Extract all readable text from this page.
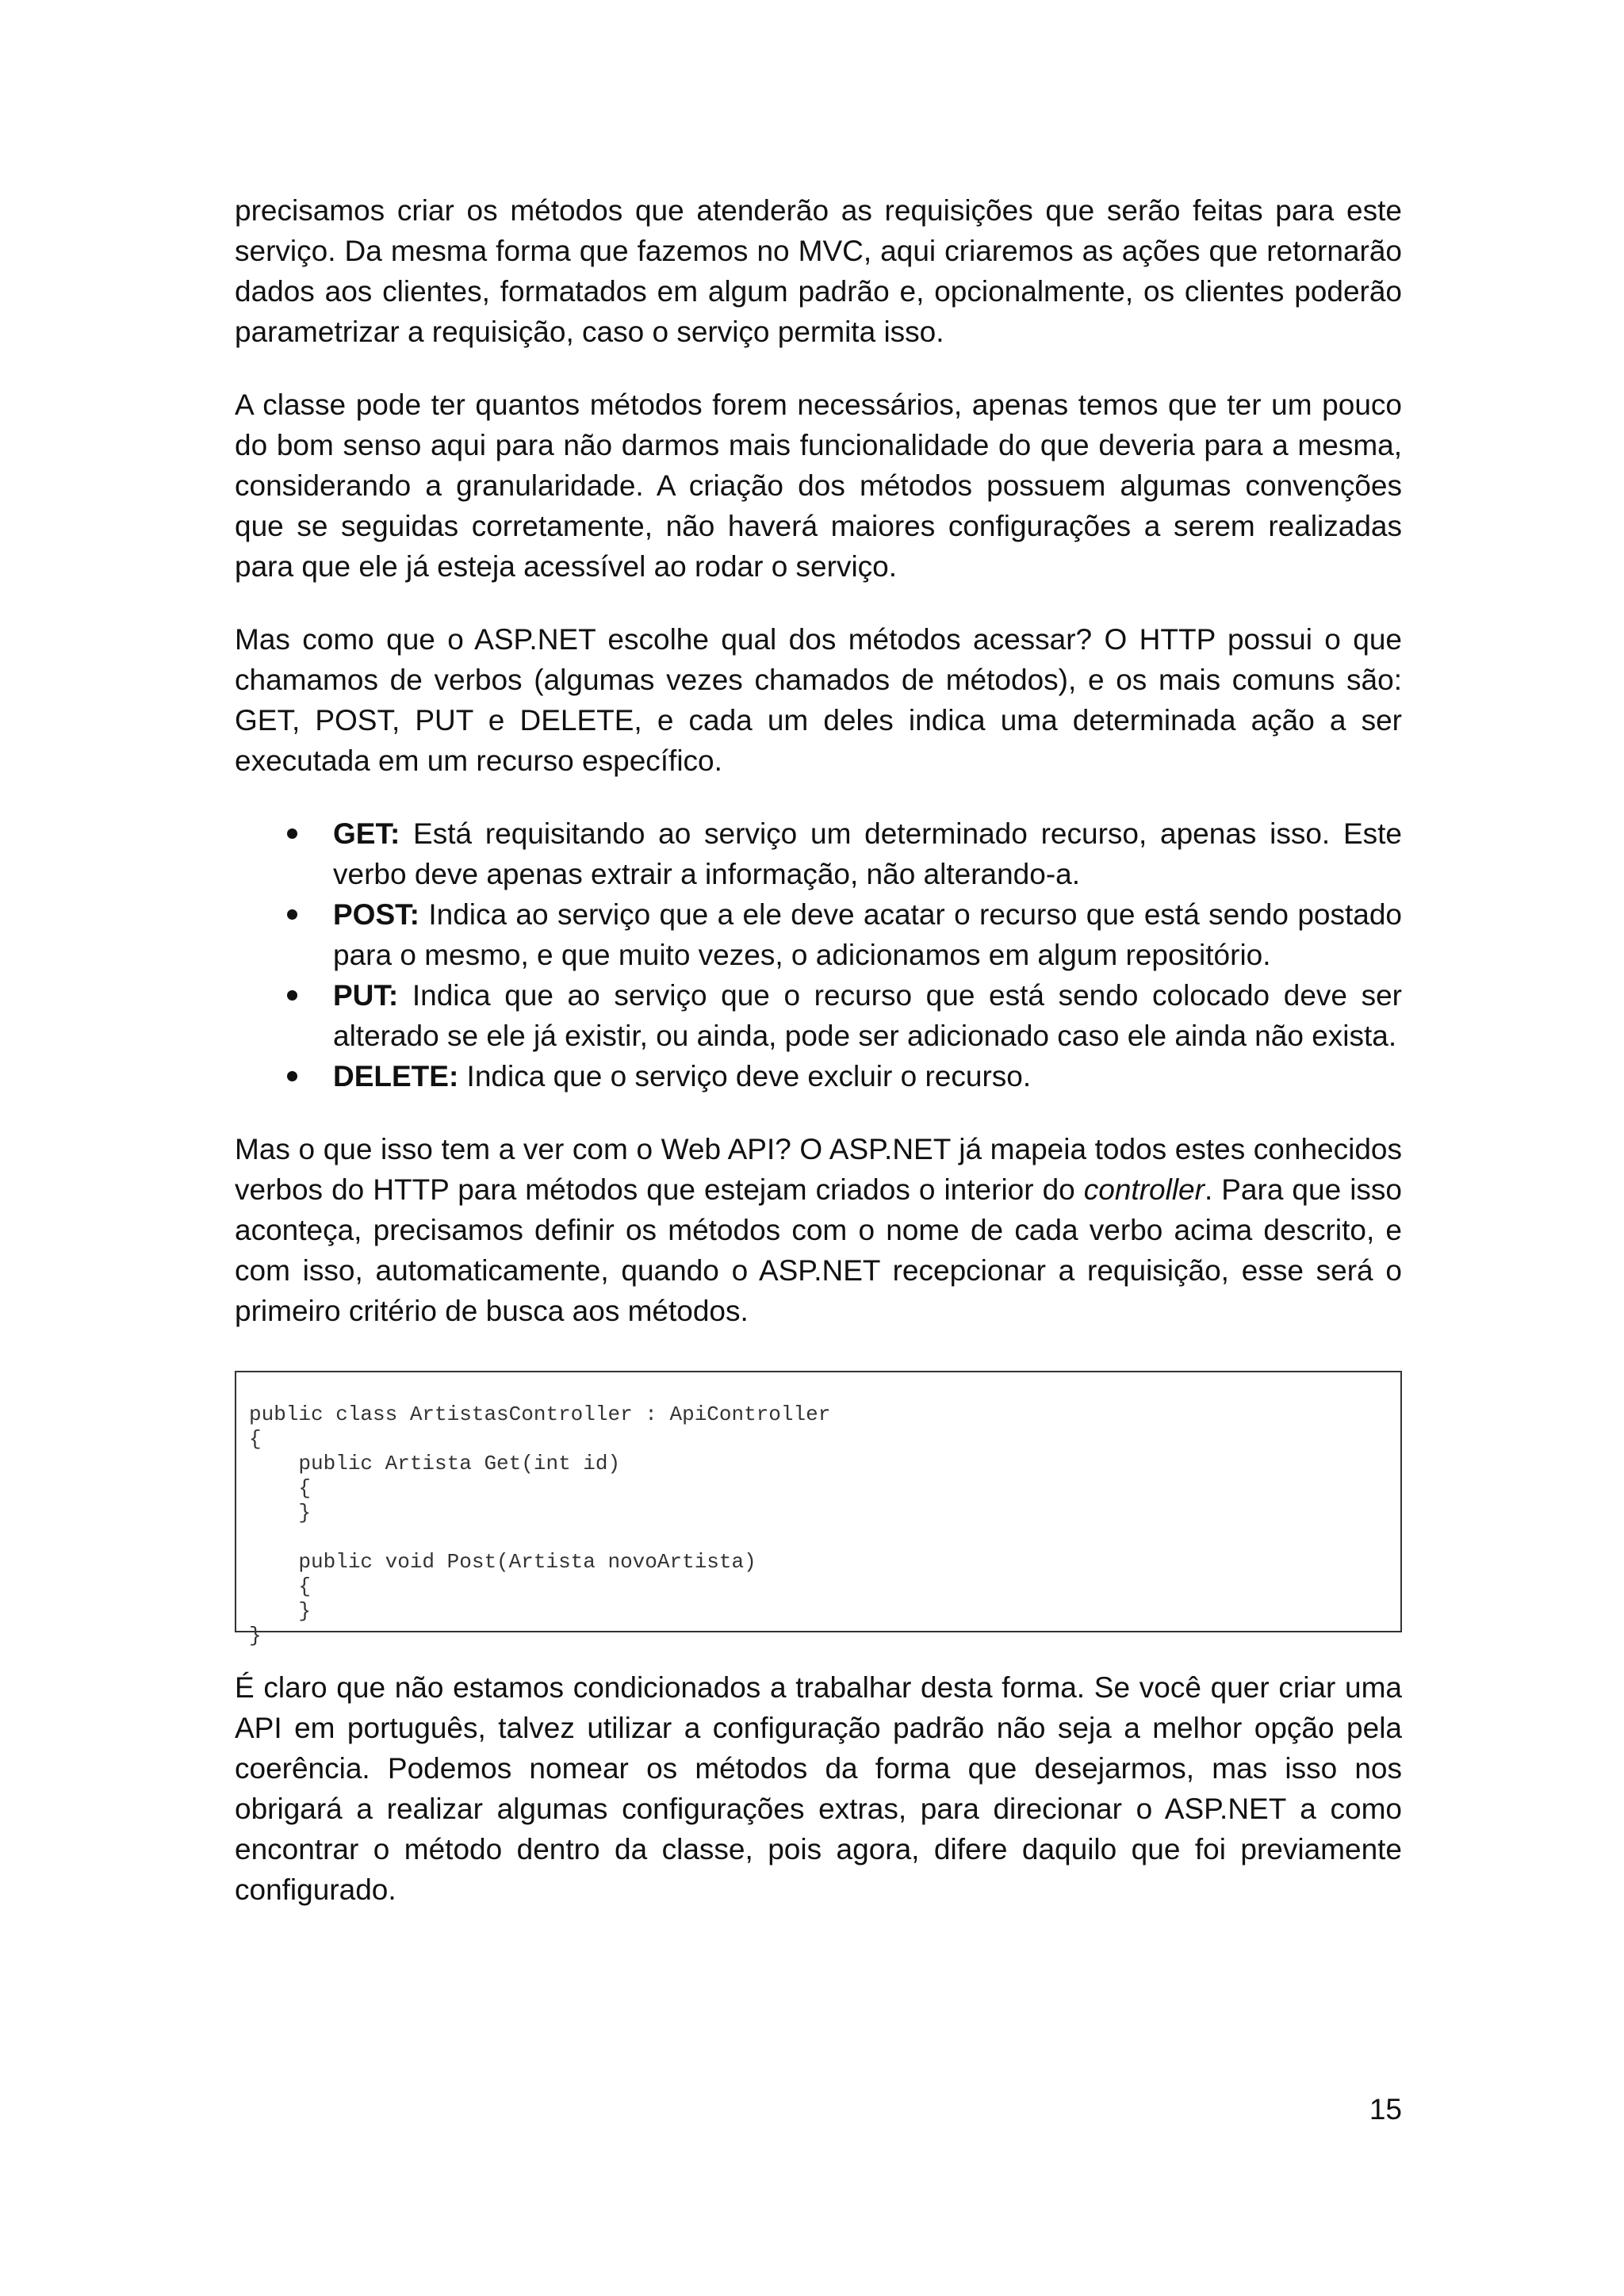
precisamos criar os métodos que atenderão as requisições que serão feitas para este serviço. Da mesma forma que fazemos no MVC, aqui criaremos as ações que retornarão dados aos clientes, formatados em algum padrão e, opcionalmente, os clientes poderão parametrizar a requisição, caso o serviço permita isso.

A classe pode ter quantos métodos forem necessários, apenas temos que ter um pouco do bom senso aqui para não darmos mais funcionalidade do que deveria para a mesma, considerando a granularidade. A criação dos métodos possuem algumas convenções que se seguidas corretamente, não haverá maiores configurações a serem realizadas para que ele já esteja acessível ao rodar o serviço.

Mas como que o ASP.NET escolhe qual dos métodos acessar? O HTTP possui o que chamamos de verbos (algumas vezes chamados de métodos), e os mais comuns são: GET, POST, PUT e DELETE, e cada um deles indica uma determinada ação a ser executada em um recurso específico.

GET: Está requisitando ao serviço um determinado recurso, apenas isso. Este verbo deve apenas extrair a informação, não alterando-a.
POST: Indica ao serviço que a ele deve acatar o recurso que está sendo postado para o mesmo, e que muito vezes, o adicionamos em algum repositório.
PUT: Indica que ao serviço que o recurso que está sendo colocado deve ser alterado se ele já existir, ou ainda, pode ser adicionado caso ele ainda não exista.
DELETE: Indica que o serviço deve excluir o recurso.

Mas o que isso tem a ver com o Web API? O ASP.NET já mapeia todos estes conhecidos verbos do HTTP para métodos que estejam criados o interior do controller. Para que isso aconteça, precisamos definir os métodos com o nome de cada verbo acima descrito, e com isso, automaticamente, quando o ASP.NET recepcionar a requisição, esse será o primeiro critério de busca aos métodos.

public class ArtistasController : ApiController
{
public Artista Get(int id)
{
}
public void Post(Artista novoArtista)
{
}
}

É claro que não estamos condicionados a trabalhar desta forma. Se você quer criar uma API em português, talvez utilizar a configuração padrão não seja a melhor opção pela coerência. Podemos nomear os métodos da forma que desejarmos, mas isso nos obrigará a realizar algumas configurações extras, para direcionar o ASP.NET a como encontrar o método dentro da classe, pois agora, difere daquilo que foi previamente configurado.

15
